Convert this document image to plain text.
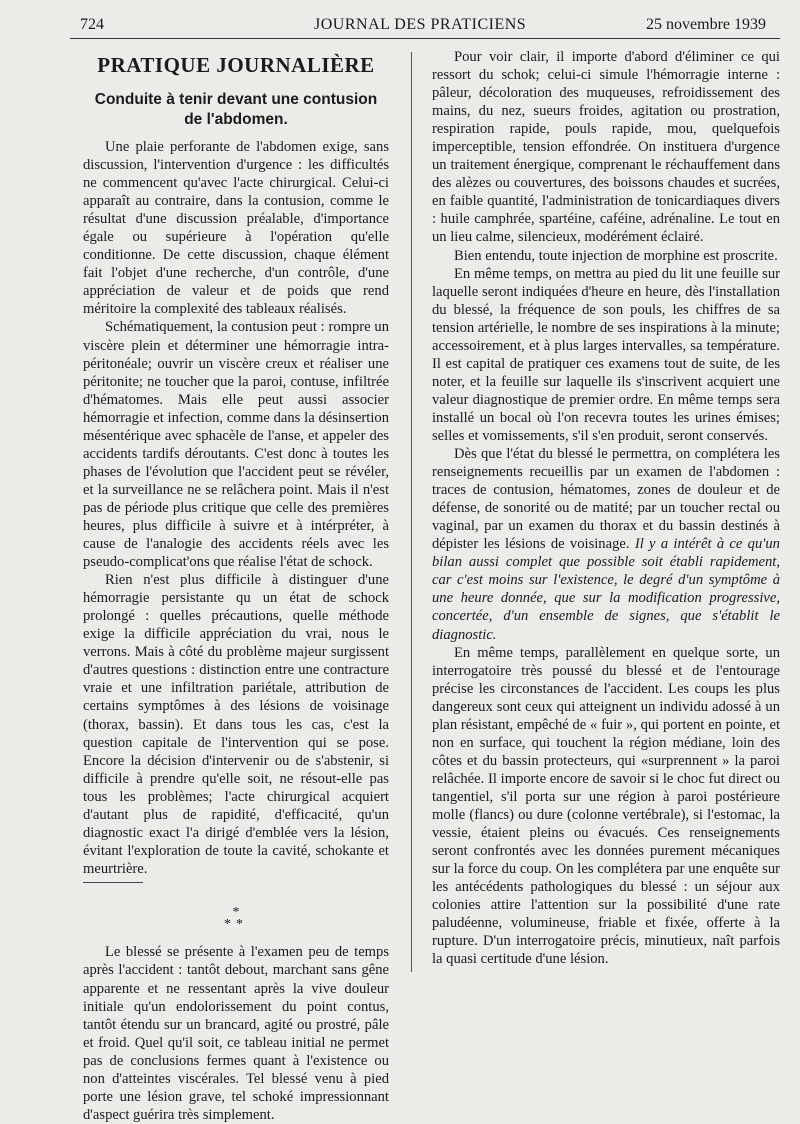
724	JOURNAL DES PRATICIENS	25 novembre 1939
PRATIQUE JOURNALIÈRE
Conduite à tenir devant une contusion
de l'abdomen.

Une plaie perforante de l'abdomen exige, sans discussion, l'intervention d'urgence : les difficultés ne commencent qu'avec l'acte chirurgical. Celui-ci apparaît au contraire, dans la contusion, comme le résultat d'une discussion préalable, d'importance égale ou supérieure à l'opération qu'elle conditionne. De cette discussion, chaque élément fait l'objet d'une recherche, d'un contrôle, d'une appréciation de valeur et de poids que rend méritoire la complexité des tableaux réalisés.

Schématiquement, la contusion peut : rompre un viscère plein et déterminer une hémorragie intra-péritonéale; ouvrir un viscère creux et réaliser une péritonite; ne toucher que la paroi, contuse, infiltrée d'hématomes. Mais elle peut aussi associer hémorragie et infection, comme dans la désinsertion mésentérique avec sphacèle de l'anse, et appeler des accidents tardifs déroutants. C'est donc à toutes les phases de l'évolution que l'accident peut se révéler, et la surveillance ne se relâchera point. Mais il n'est pas de période plus critique que celle des premières heures, plus difficile à suivre et à intérpréter, à cause de l'analogie des accidents réels avec les pseudo-complicat'ons que réalise l'état de schock.

Rien n'est plus difficile à distinguer d'une hémorragie persistante qu un état de schock prolongé : quelles précautions, quelle méthode exige la difficile appréciation du vrai, nous le verrons. Mais à côté du problème majeur surgissent d'autres questions : distinction entre une contracture vraie et une infiltration pariétale, attribution de certains symptômes à des lésions de voisinage (thorax, bassin). Et dans tous les cas, c'est la question capitale de l'intervention qui se pose. Encore la décision d'intervenir ou de s'abstenir, si difficile à prendre qu'elle soit, ne résout-elle pas tous les problèmes; l'acte chirurgical acquiert d'autant plus de rapidité, d'efficacité, qu'un diagnostic exact l'a dirigé d'emblée vers la lésion, évitant l'exploration de toute la cavité, schokante et meurtrière.

*
**

Le blessé se présente à l'examen peu de temps après l'accident : tantôt debout, marchant sans gêne apparente et ne ressentant après la vive douleur initiale qu'un endolorissement du point contus, tantôt étendu sur un brancard, agité ou prostré, pâle et froid. Quel qu'il soit, ce tableau initial ne permet pas de conclusions fermes quant à l'existence ou non d'atteintes viscérales. Tel blessé venu à pied porte une lésion grave, tel schoké impressionnant d'aspect guérira très simplement.

Pour voir clair, il importe d'abord d'éliminer ce qui ressort du schok; celui-ci simule l'hémorragie interne : pâleur, décoloration des muqueuses, refroidissement des mains, du nez, sueurs froides, agitation ou prostration, respiration rapide, pouls rapide, mou, quelquefois imperceptible, tension effondrée. On instituera d'urgence un traitement énergique, comprenant le réchauffement dans des alèzes ou couvertures, des boissons chaudes et sucrées, en faible quantité, l'administration de tonicardiaques divers : huile camphrée, spartéine, caféine, adrénaline. Le tout en un lieu calme, silencieux, modérément éclairé.

Bien entendu, toute injection de morphine est proscrite.

En même temps, on mettra au pied du lit une feuille sur laquelle seront indiquées d'heure en heure, dès l'installation du blessé, la fréquence de son pouls, les chiffres de sa tension artérielle, le nombre de ses inspirations à la minute; accessoirement, et à plus larges intervalles, sa température. Il est capital de pratiquer ces examens tout de suite, de les noter, et la feuille sur laquelle ils s'inscrivent acquiert une valeur diagnostique de premier ordre. En même temps sera installé un bocal où l'on recevra toutes les urines émises; selles et vomissements, s'il s'en produit, seront conservés.

Dès que l'état du blessé le permettra, on complétera les renseignements recueillis par un examen de l'abdomen : traces de contusion, hématomes, zones de douleur et de défense, de sonorité ou de matité; par un toucher rectal ou vaginal, par un examen du thorax et du bassin destinés à dépister les lésions de voisinage. Il y a intérêt à ce qu'un bilan aussi complet que possible soit établi rapidement, car c'est moins sur l'existence, le degré d'un symptôme à une heure donnée, que sur la modification progressive, concertée, d'un ensemble de signes, que s'établit le diagnostic.

En même temps, parallèlement en quelque sorte, un interrogatoire très poussé du blessé et de l'entourage précise les circonstances de l'accident. Les coups les plus dangereux sont ceux qui atteignent un individu adossé à un plan résistant, empêché de « fuir », qui portent en pointe, et non en surface, qui touchent la région médiane, loin des côtes et du bassin protecteurs, qui «surprennent » la paroi relâchée. Il importe encore de savoir si le choc fut direct ou tangentiel, s'il porta sur une région à paroi postérieure molle (flancs) ou dure (colonne vertébrale), si l'estomac, la vessie, étaient pleins ou évacués. Ces renseignements seront confrontés avec les données purement mécaniques sur la force du coup. On les complétera par une enquête sur les antécédents pathologiques du blessé : un séjour aux colonies attire l'attention sur la possibilité d'une rate paludéenne, volumineuse, friable et fixée, offerte à la rupture. D'un interrogatoire précis, minutieux, naît parfois la quasi certitude d'une lésion.
